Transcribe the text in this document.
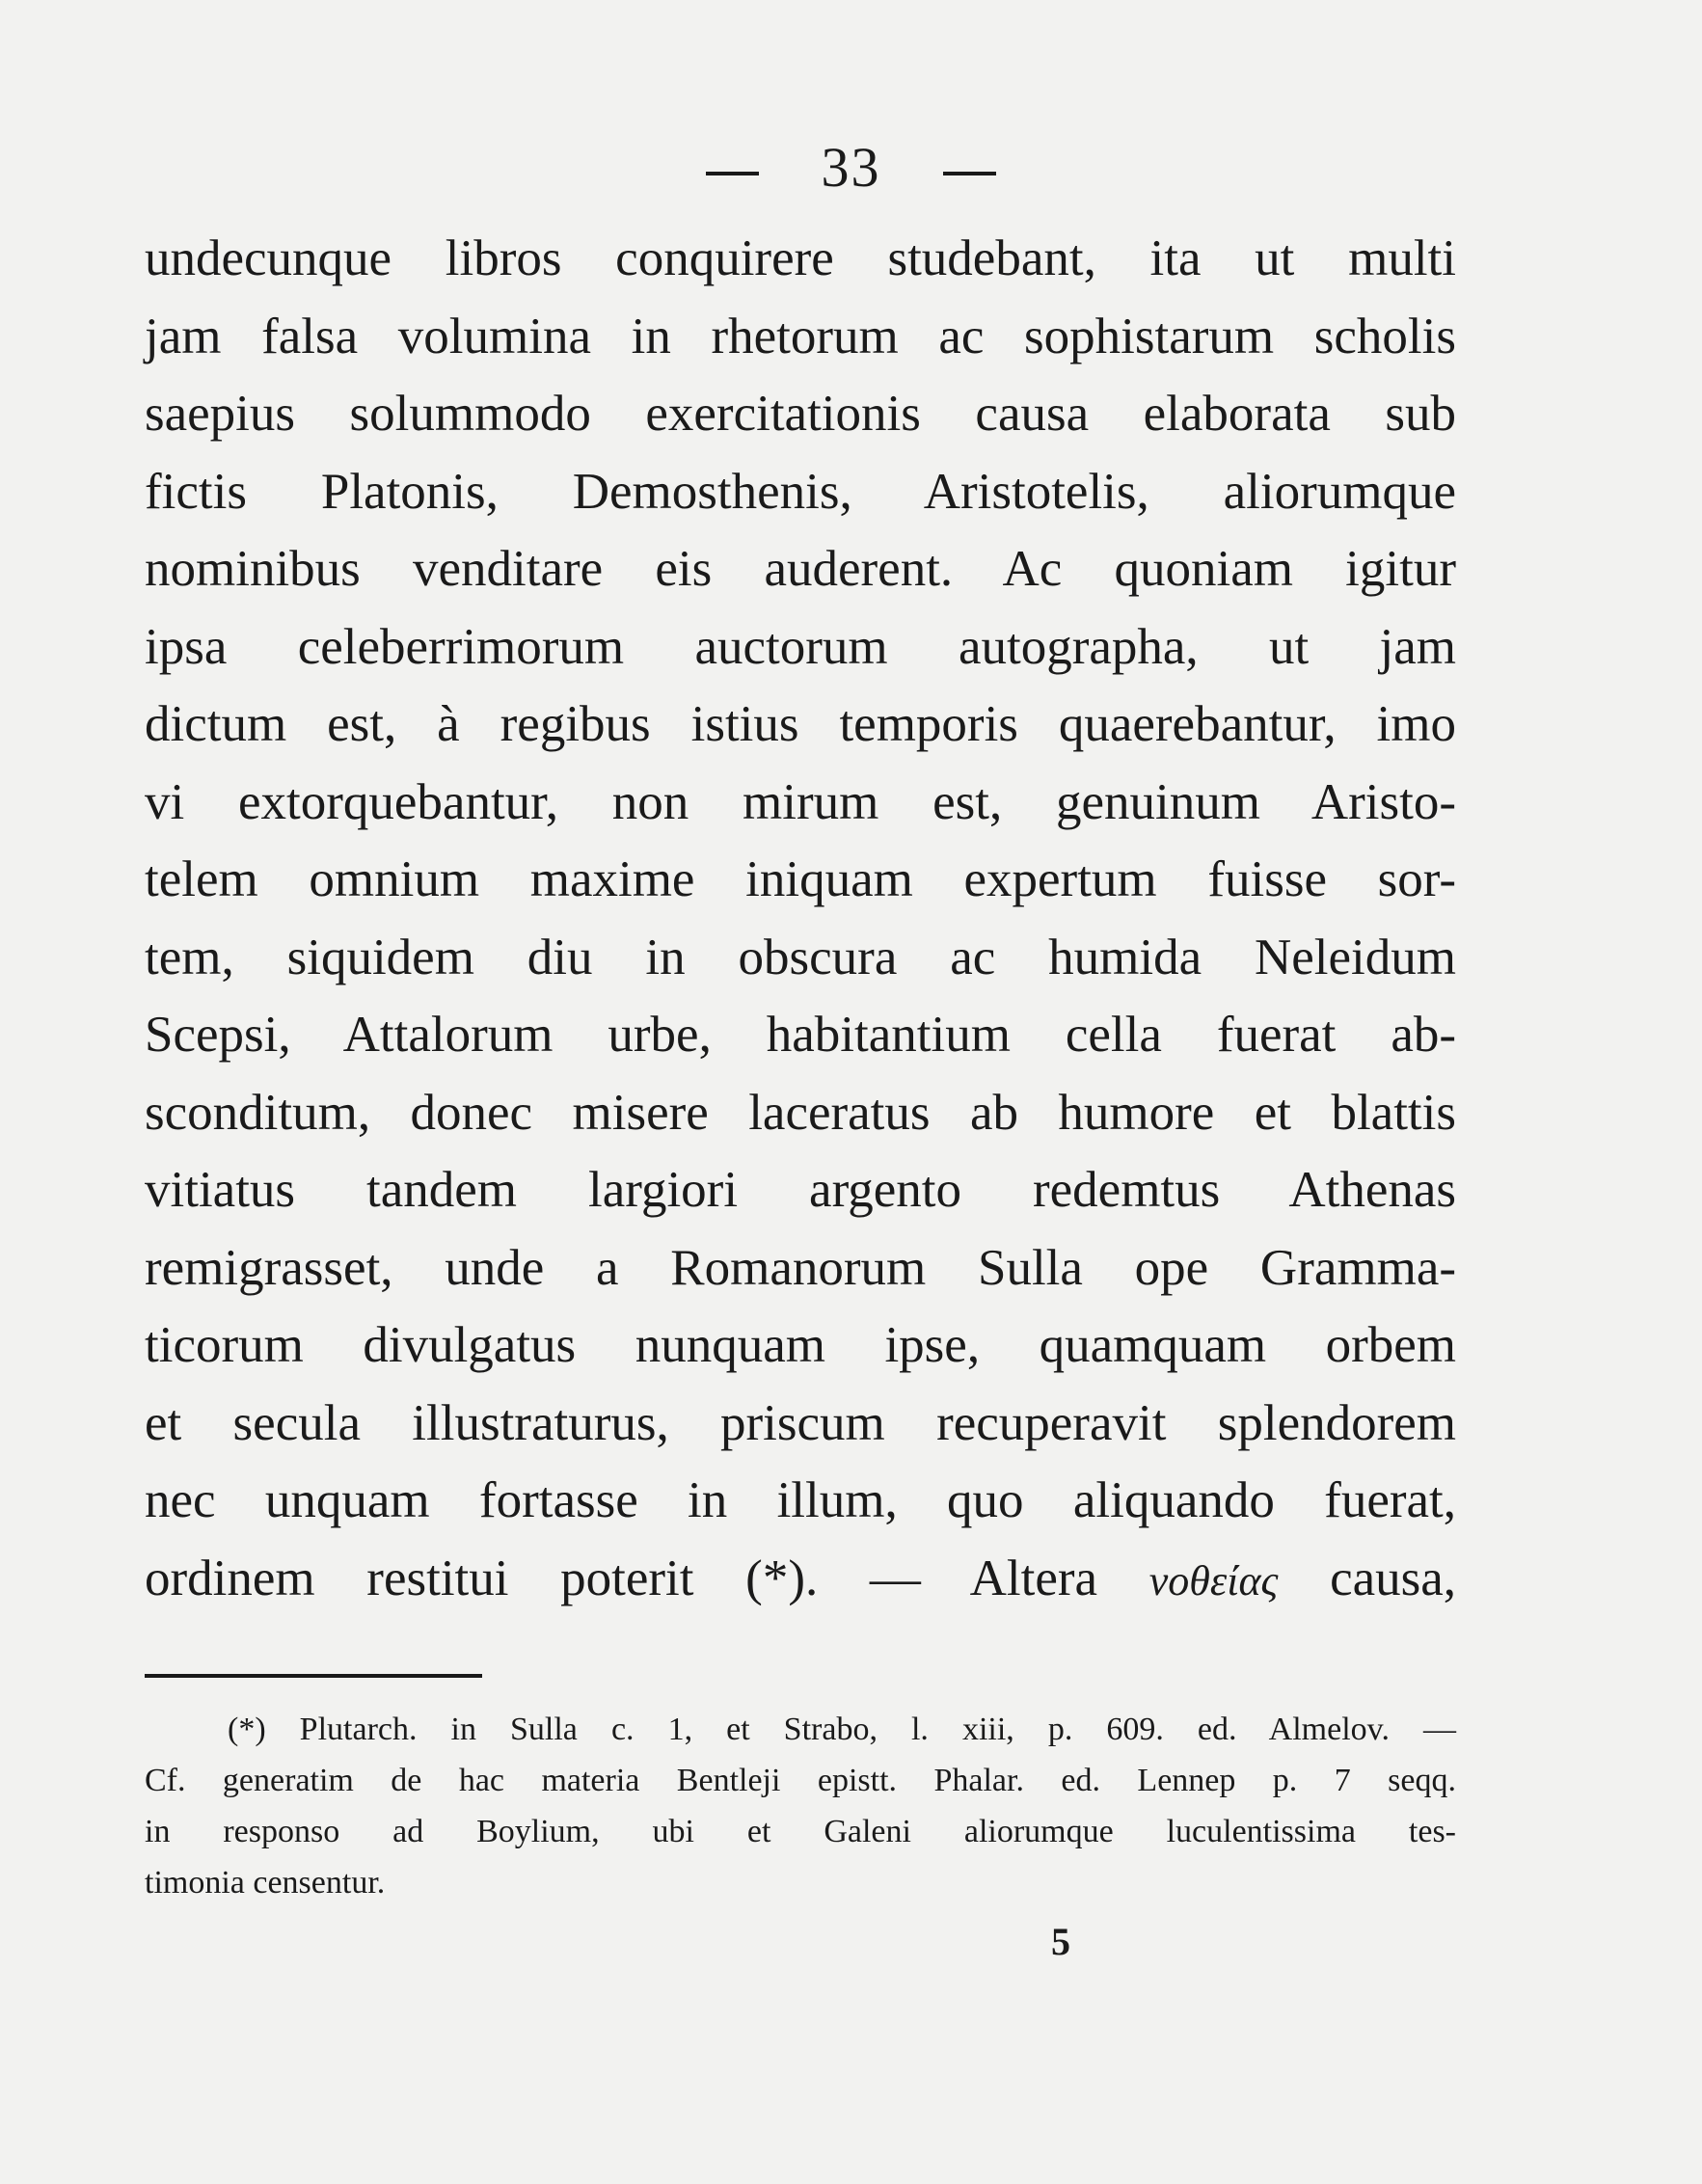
33
undecunque libros conquirere studebant, ita ut multi
jam falsa volumina in rhetorum ac sophistarum scholis
saepius solummodo exercitationis causa elaborata sub
fictis Platonis, Demosthenis, Aristotelis, aliorumque
nominibus venditare eis auderent. Ac quoniam igitur
ipsa celeberrimorum auctorum autographa, ut jam
dictum est, à regibus istius temporis quaerebantur, imo
vi extorquebantur, non mirum est, genuinum Aristo-
telem omnium maxime iniquam expertum fuisse sor-
tem, siquidem diu in obscura ac humida Neleidum
Scepsi, Attalorum urbe, habitantium cella fuerat ab-
sconditum, donec misere laceratus ab humore et blattis
vitiatus tandem largiori argento redemtus Athenas
remigrasset, unde a Romanorum Sulla ope Gramma-
ticorum divulgatus nunquam ipse, quamquam orbem
et secula illustraturus, priscum recuperavit splendorem
nec unquam fortasse in illum, quo aliquando fuerat,
ordinem restitui poterit (*). — Altera νοθείας causa,
(*) Plutarch. in Sulla c. 1, et Strabo, l. xiii, p. 609. ed. Almelov. —
Cf. generatim de hac materia Bentleji epistt. Phalar. ed. Lennep p. 7 seqq.
in responso ad Boylium, ubi et Galeni aliorumque luculentissima tes-
timonia censentur.
5
